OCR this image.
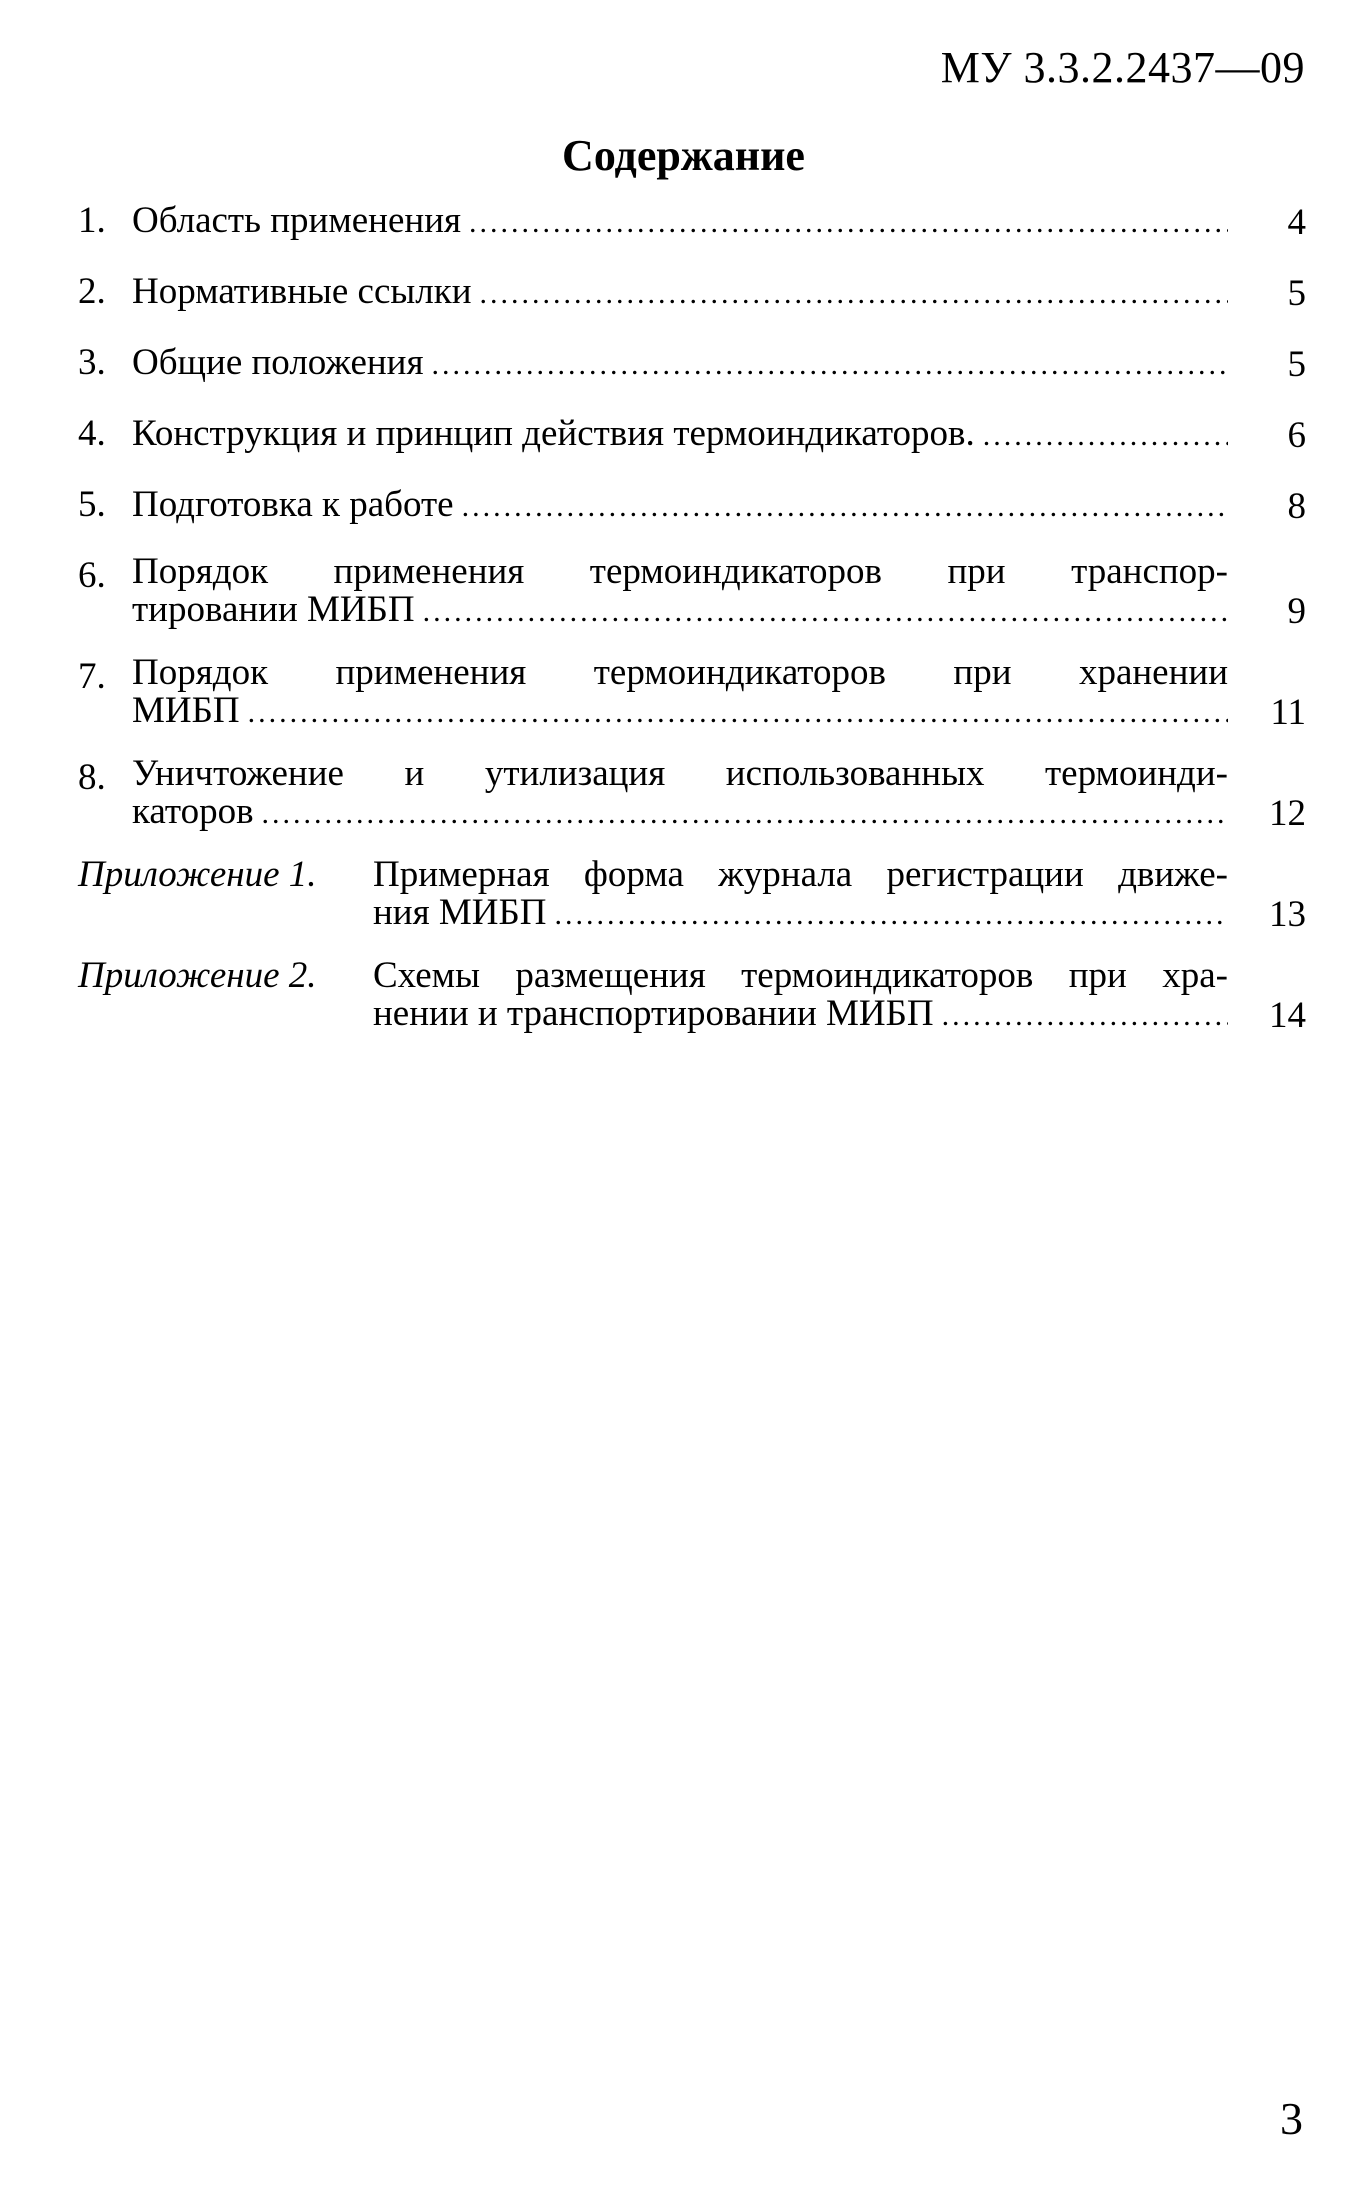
МУ 3.3.2.2437—09
Содержание
1. Область применения .....	4
2. Нормативные ссылки .....	5
3. Общие положения .....	5
4. Конструкция и принцип действия термоиндикаторов. .....	6
5. Подготовка к работе .....	8
6. Порядок применения термоиндикаторов при транспор-
тировании МИБП .....	9
7. Порядок применения термоиндикаторов при хранении
МИБП .....	11
8. Уничтожение и утилизация использованных термоинди-
каторов .....	12
Приложение 1.	Примерная форма журнала регистрации движе-
ния МИБП .....	13
Приложение 2.	Схемы размещения термоиндикаторов при хра-
нении и транспортировании МИБП .....	14
3
